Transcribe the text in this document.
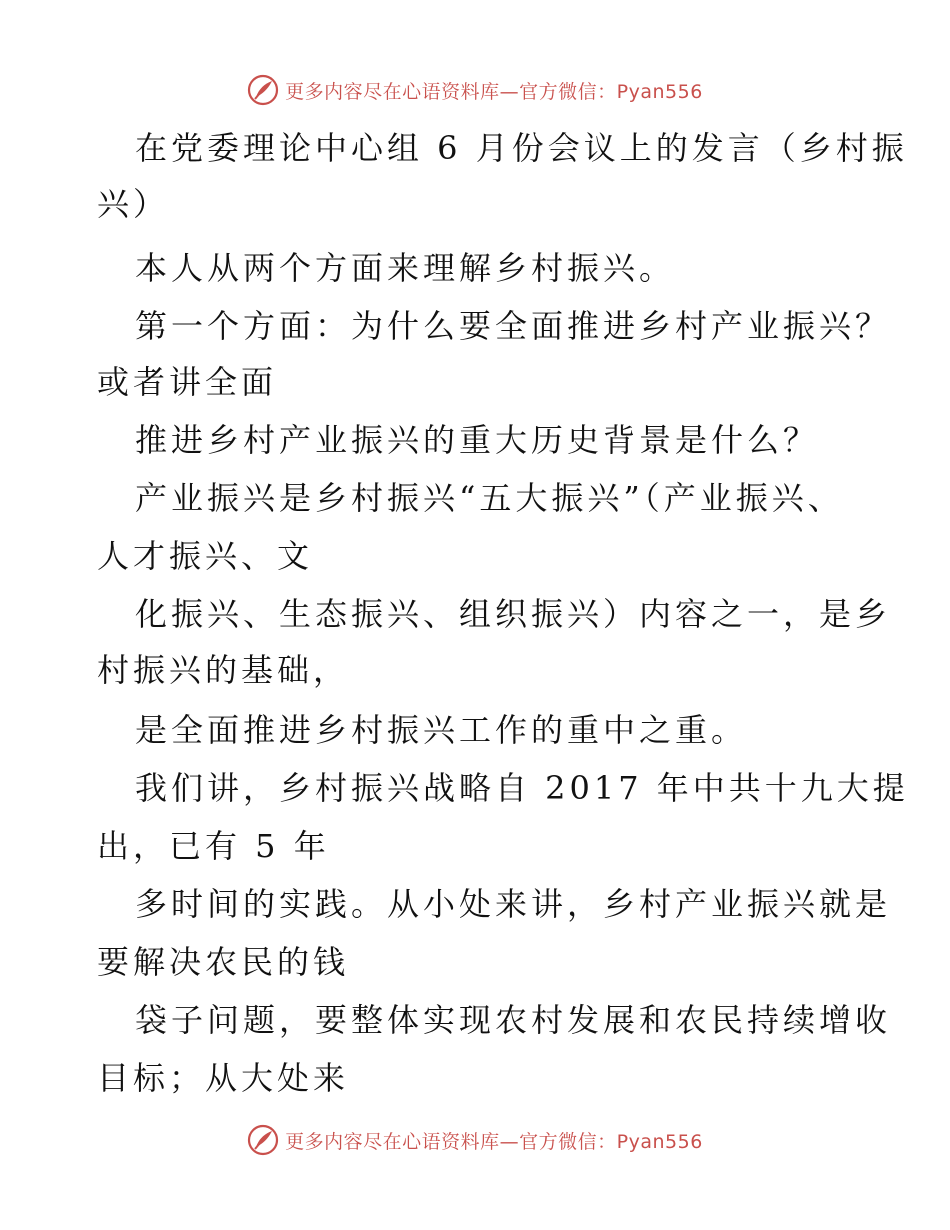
更多内容尽在心语资料库—官方微信：Pyan556
在党委理论中心组 6 月份会议上的发言（乡村振
兴）
本人从两个方面来理解乡村振兴。
第一个方面：为什么要全面推进乡村产业振兴？
或者讲全面
推进乡村产业振兴的重大历史背景是什么？
产业振兴是乡村振兴“五大振兴”（产业振兴、
人才振兴、文
化振兴、生态振兴、组织振兴）内容之一，是乡
村振兴的基础，
是全面推进乡村振兴工作的重中之重。
我们讲，乡村振兴战略自 2017 年中共十九大提
出，已有 5 年
多时间的实践。从小处来讲，乡村产业振兴就是
要解决农民的钱
袋子问题，要整体实现农村发展和农民持续增收
目标；从大处来
更多内容尽在心语资料库—官方微信：Pyan556
